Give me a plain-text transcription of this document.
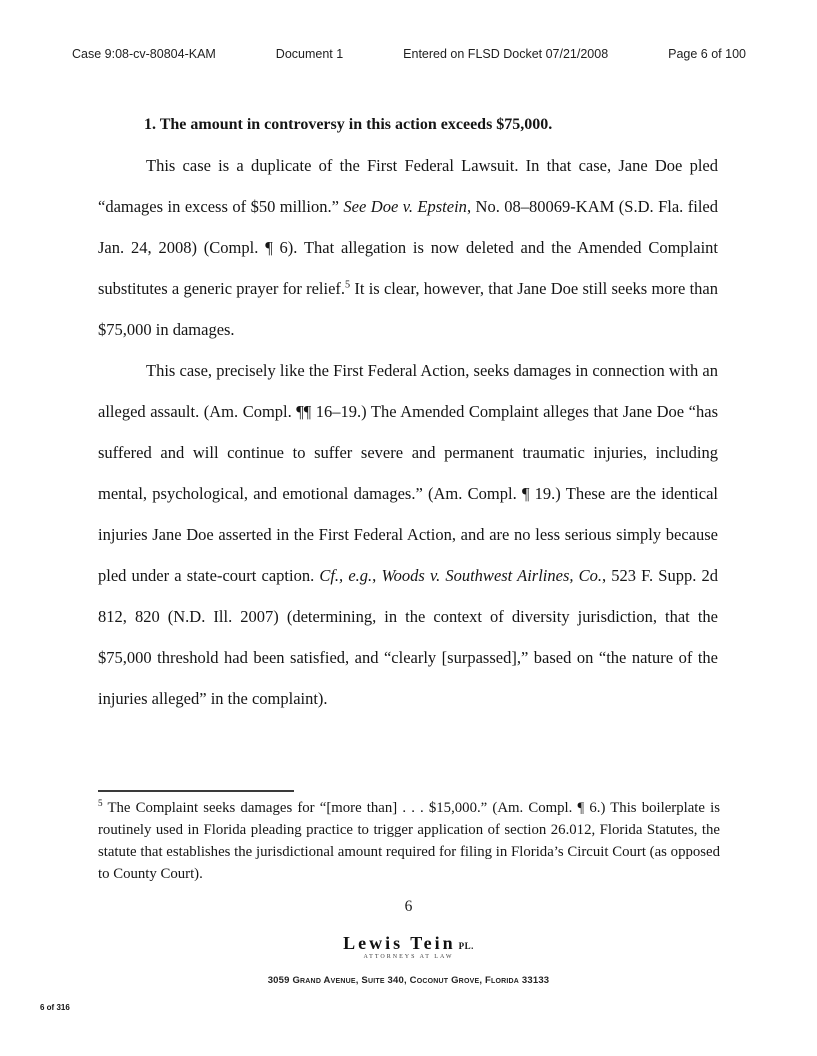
Case 9:08-cv-80804-KAM	Document 1	Entered on FLSD Docket 07/21/2008	Page 6 of 100

1. The amount in controversy in this action exceeds $75,000.

This case is a duplicate of the First Federal Lawsuit. In that case, Jane Doe pled “damages in excess of $50 million.” See Doe v. Epstein, No. 08–80069-KAM (S.D. Fla. filed Jan. 24, 2008) (Compl. ¶ 6). That allegation is now deleted and the Amended Complaint substitutes a generic prayer for relief.$^5$ It is clear, however, that Jane Doe still seeks more than $75,000 in damages.

This case, precisely like the First Federal Action, seeks damages in connection with an alleged assault. (Am. Compl. ¶¶ 16–19.) The Amended Complaint alleges that Jane Doe “has suffered and will continue to suffer severe and permanent traumatic injuries, including mental, psychological, and emotional damages.” (Am. Compl. ¶ 19.) These are the identical injuries Jane Doe asserted in the First Federal Action, and are no less serious simply because pled under a state-court caption. Cf., e.g., Woods v. Southwest Airlines, Co., 523 F. Supp. 2d 812, 820 (N.D. Ill. 2007) (determining, in the context of diversity jurisdiction, that the $75,000 threshold had been satisfied, and “clearly [surpassed],” based on “the nature of the injuries alleged” in the complaint).

$^5$ The Complaint seeks damages for “[more than] . . . $15,000.” (Am. Compl. ¶ 6.) This boilerplate is routinely used in Florida pleading practice to trigger application of section 26.012, Florida Statutes, the statute that establishes the jurisdictional amount required for filing in Florida’s Circuit Court (as opposed to County Court).
6
Lewis Tein PL.
ATTORNEYS AT LAW
3059 Grand Avenue, Suite 340, Coconut Grove, Florida 33133
6 of 316
